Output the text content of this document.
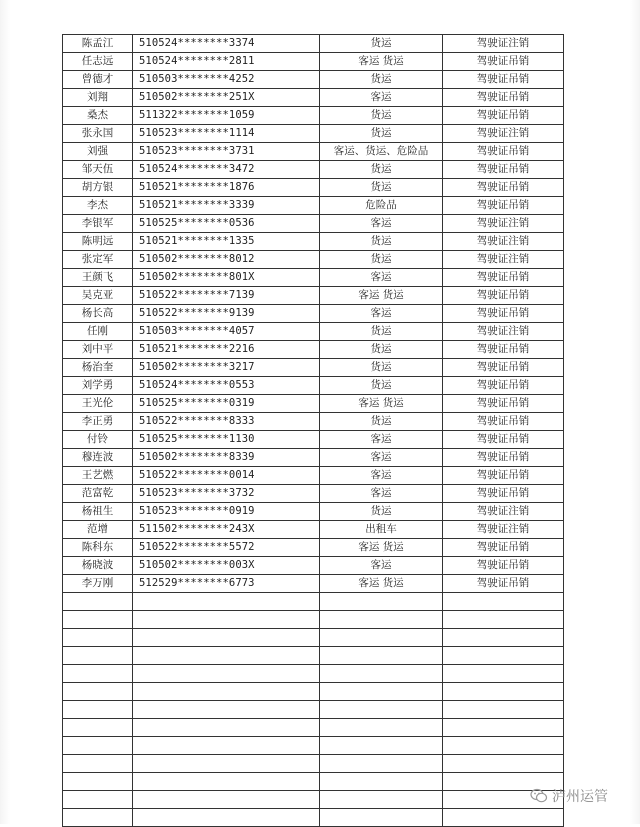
陈孟江	510524********3374	货运	驾驶证注销
任志远	510524********2811	客运 货运	驾驶证吊销
曾德才	510503********4252	货运	驾驶证吊销
刘翔	510502********251X	客运	驾驶证吊销
桑杰	511322********1059	货运	驾驶证吊销
张永国	510523********1114	货运	驾驶证注销
刘强	510523********3731	客运、货运、危险品	驾驶证吊销
邹天伍	510524********3472	货运	驾驶证吊销
胡方银	510521********1876	货运	驾驶证吊销
李杰	510521********3339	危险品	驾驶证吊销
李银军	510525********0536	客运	驾驶证注销
陈明远	510521********1335	货运	驾驶证注销
张定军	510502********8012	货运	驾驶证注销
王颜飞	510502********801X	客运	驾驶证吊销
吴克亚	510522********7139	客运 货运	驾驶证吊销
杨长高	510522********9139	客运	驾驶证吊销
任刚	510503********4057	货运	驾驶证注销
刘中平	510521********2216	货运	驾驶证吊销
杨治奎	510502********3217	货运	驾驶证吊销
刘学勇	510524********0553	货运	驾驶证吊销
王光伦	510525********0319	客运 货运	驾驶证吊销
李正勇	510522********8333	货运	驾驶证吊销
付铃	510525********1130	客运	驾驶证吊销
穆连波	510502********8339	客运	驾驶证吊销
王艺燃	510522********0014	客运	驾驶证吊销
范富乾	510523********3732	客运	驾驶证吊销
杨祖生	510523********0919	货运	驾驶证注销
范增	511502********243X	出租车	驾驶证注销
陈科东	510522********5572	客运 货运	驾驶证吊销
杨晓波	510502********003X	客运	驾驶证吊销
李万刚	512529********6773	客运 货运	驾驶证吊销

泸州运管
